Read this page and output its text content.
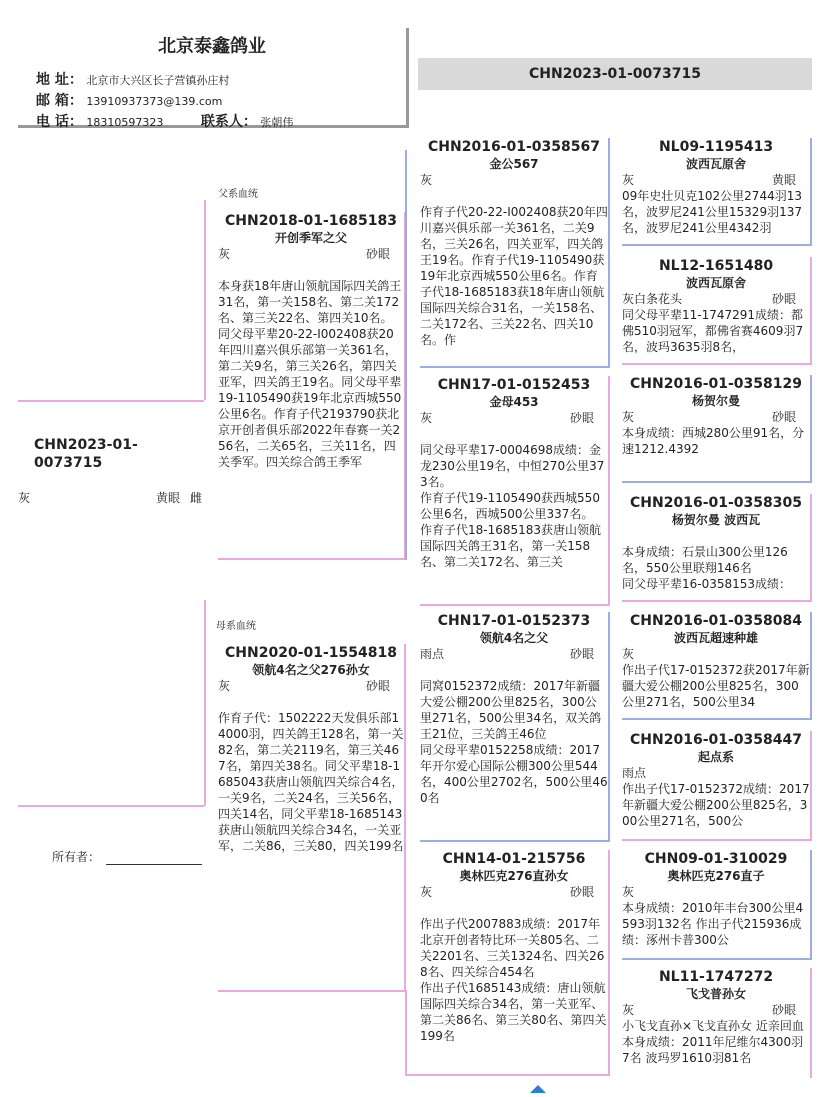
北京泰鑫鸽业
地 址： 北京市大兴区长子营镇孙庄村
邮 箱： 13910937373@139.com
电 话： 18310597323	联系人： 张朝伟
CHN2023-01-0073715
CHN2023-01-0073715
灰	黄眼 雌
所有者：
父系血统
母系血统
CHN2018-01-1685183
开创季军之父
灰	砂眼
本身获18年唐山领航国际四关鸽王31名，第一关158名、第二关172名、第三关22名、第四关10名。同父母平辈20-22-I002408获20年四川嘉兴俱乐部第一关361名，第二关9名，第三关26名，第四关亚军，四关鸽王19名。同父母平辈19-1105490获19年北京西城550公里6名。作育子代2193790获北京开创者俱乐部2022年春赛一关256名，二关65名，三关11名，四关季军。四关综合鸽王季军
CHN2020-01-1554818
领航4名之父276孙女
灰	砂眼
作育子代：1502222天发俱乐部14000羽，四关鸽王128名，第一关82名，第二关2119名，第三关467名，第四关38名。同父平辈18-1685043获唐山领航四关综合4名，一关9名，二关24名，三关56名，四关14名，同父平辈18-1685143获唐山领航四关综合34名，一关亚军，二关86，三关80，四关199名
CHN2016-01-0358567
金公567
灰
作育子代20-22-I002408获20年四川嘉兴俱乐部一关361名，二关9名，三关26名，四关亚军，四关鸽王19名。作育子代19-1105490获19年北京西城550公里6名。作育子代18-1685183获18年唐山领航国际四关综合31名，一关158名、二关172名、三关22名、四关10名。作
CHN17-01-0152453
金母453
灰	砂眼
同父母平辈17-0004698成绩：金龙230公里19名，中恒270公里373名。
作育子代19-1105490获西城550公里6名，西城500公里337名。
作育子代18-1685183获唐山领航国际四关鸽王31名，第一关158名、第二关172名、第三关
CHN17-01-0152373
领航4名之父
雨点	砂眼
同窝0152372成绩：2017年新疆大爱公棚200公里825名，300公里271名，500公里34名，双关鸽王21位，三关鸽王46位
同父母平辈0152258成绩：2017年开尔爱心国际公棚300公里544名，400公里2702名，500公里460名
CHN14-01-215756
奥林匹克276直孙女
灰	砂眼
作出子代2007883成绩：2017年北京开创者特比环一关805名、二关2201名、三关1324名、四关268名、四关综合454名
作出子代1685143成绩：唐山领航国际四关综合34名，第一关亚军、第二关86名、第三关80名、第四关199名
NL09-1195413
波西瓦原舍
灰	黄眼
09年史壮贝克102公里2744羽13名，波罗尼241公里15329羽137名，波罗尼241公里4342羽
NL12-1651480
波西瓦原舍
灰白条花头	砂眼
同父母平辈11-1747291成绩：都佛510羽冠军，都佛省赛4609羽7名，波玛3635羽8名，
CHN2016-01-0358129
杨贺尔曼
灰	砂眼
本身成绩：西城280公里91名，分速1212.4392
CHN2016-01-0358305
杨贺尔曼 波西瓦
本身成绩：石景山300公里126名，550公里联翔146名
同父母平辈16-0358153成绩：
CHN2016-01-0358084
波西瓦超速种雄
灰
作出子代17-0152372获2017年新疆大爱公棚200公里825名，300公里271名，500公里34
CHN2016-01-0358447
起点系
雨点
作出子代17-0152372成绩：2017年新疆大爱公棚200公里825名，300公里271名，500公
CHN09-01-310029
奥林匹克276直子
灰
本身成绩：2010年丰台300公里4593羽132名 作出子代215936成绩：涿州卡普300公
NL11-1747272
飞戈普孙女
灰	砂眼
小飞戈直孙×飞戈直孙女 近亲回血 本身成绩：2011年尼维尔4300羽7名 波玛罗1610羽81名
